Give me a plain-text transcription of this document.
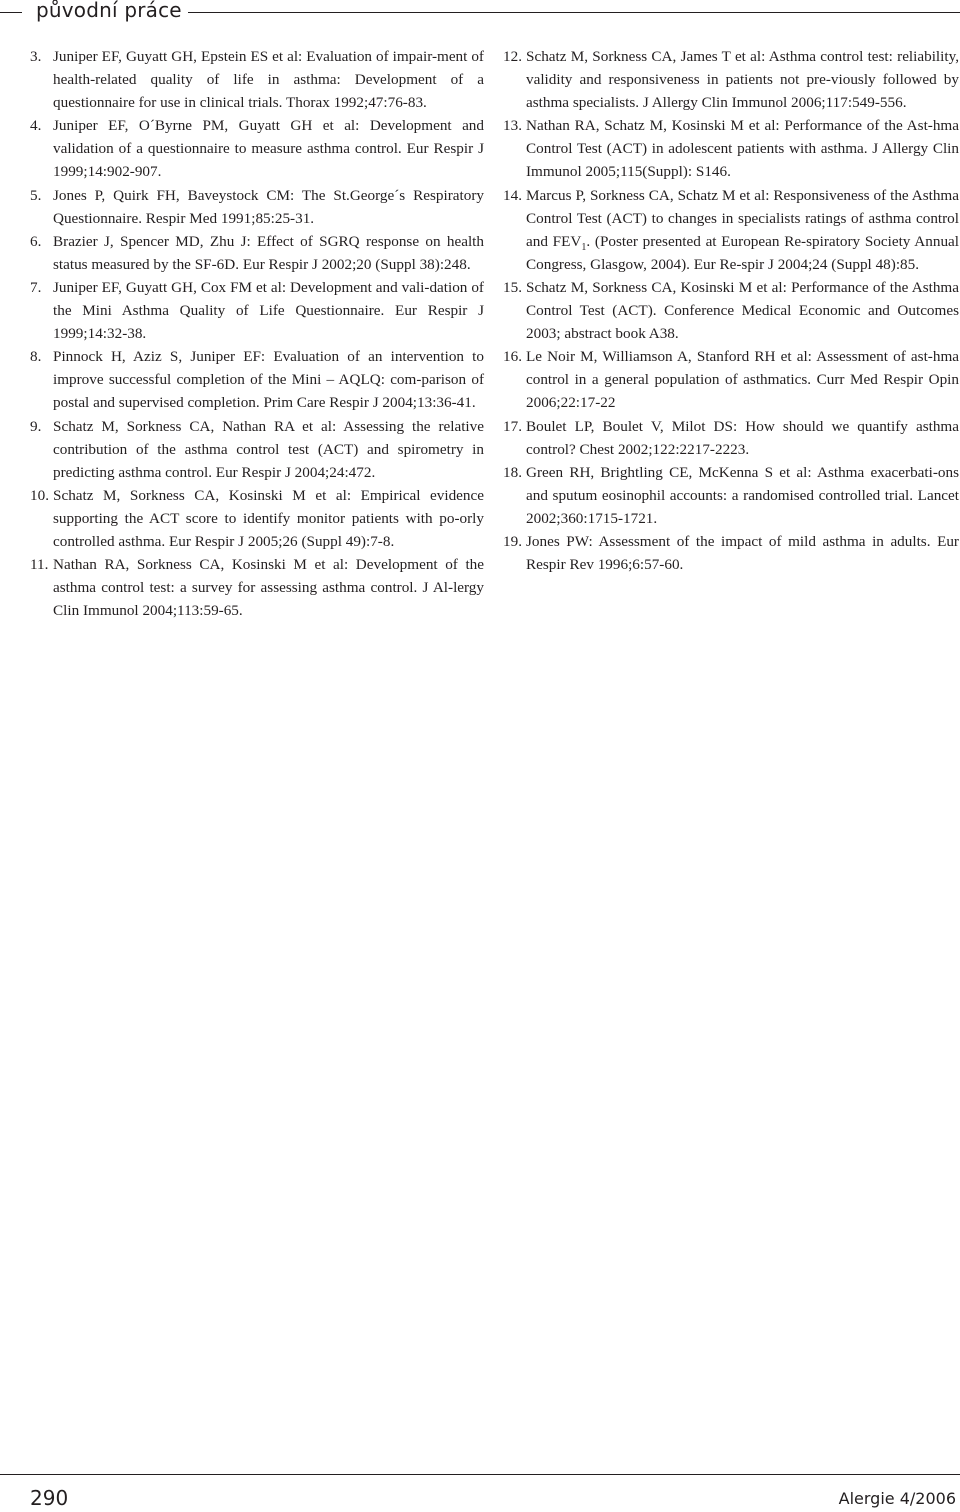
původní práce
3. Juniper EF, Guyatt GH, Epstein ES et al: Evaluation of impair-ment of health-related quality of life in asthma: Development of a questionnaire for use in clinical trials. Thorax 1992;47:76-83.
4. Juniper EF, O´Byrne PM, Guyatt GH et al: Development and validation of a questionnaire to measure asthma control. Eur Respir J 1999;14:902-907.
5. Jones P, Quirk FH, Baveystock CM: The St.George´s Respiratory Questionnaire. Respir Med 1991;85:25-31.
6. Brazier J, Spencer MD, Zhu J: Effect of SGRQ response on health status measured by the SF-6D. Eur Respir J 2002;20 (Suppl 38):248.
7. Juniper EF, Guyatt GH, Cox FM et al: Development and vali-dation of the Mini Asthma Quality of Life Questionnaire. Eur Respir J 1999;14:32-38.
8. Pinnock H, Aziz S, Juniper EF: Evaluation of an intervention to improve successful completion of the Mini – AQLQ: com-parison of postal and supervised completion. Prim Care Respir J 2004;13:36-41.
9. Schatz M, Sorkness CA, Nathan RA et al: Assessing the relative contribution of the asthma control test (ACT) and spirometry in predicting asthma control. Eur Respir J 2004;24:472.
10. Schatz M, Sorkness CA, Kosinski M et al: Empirical evidence supporting the ACT score to identify monitor patients with po-orly controlled asthma. Eur Respir J 2005;26 (Suppl 49):7-8.
11. Nathan RA, Sorkness CA, Kosinski M et al: Development of the asthma control test: a survey for assessing asthma control. J Al-lergy Clin Immunol 2004;113:59-65.
12. Schatz M, Sorkness CA, James T et al: Asthma control test: reliability, validity and responsiveness in patients not pre-viously followed by asthma specialists. J Allergy Clin Immunol 2006;117:549-556.
13. Nathan RA, Schatz M, Kosinski M et al: Performance of the Ast-hma Control Test (ACT) in adolescent patients with asthma. J Allergy Clin Immunol 2005;115(Suppl): S146.
14. Marcus P, Sorkness CA, Schatz M et al: Responsiveness of the Asthma Control Test (ACT) to changes in specialists ratings of asthma control and $FEV_1$. (Poster presented at European Re-spiratory Society Annual Congress, Glasgow, 2004). Eur Re-spir J 2004;24 (Suppl 48):85.
15. Schatz M, Sorkness CA, Kosinski M et al: Performance of the Asthma Control Test (ACT). Conference Medical Economic and Outcomes 2003; abstract book A38.
16. Le Noir M, Williamson A, Stanford RH et al: Assessment of ast-hma control in a general population of asthmatics. Curr Med Respir Opin 2006;22:17-22
17. Boulet LP, Boulet V, Milot DS: How should we quantify asthma control? Chest 2002;122:2217-2223.
18. Green RH, Brightling CE, McKenna S et al: Asthma exacerbati-ons and sputum eosinophil accounts: a randomised controlled trial. Lancet 2002;360:1715-1721.
19. Jones PW: Assessment of the impact of mild asthma in adults. Eur Respir Rev 1996;6:57-60.
290	Alergie 4/2006
